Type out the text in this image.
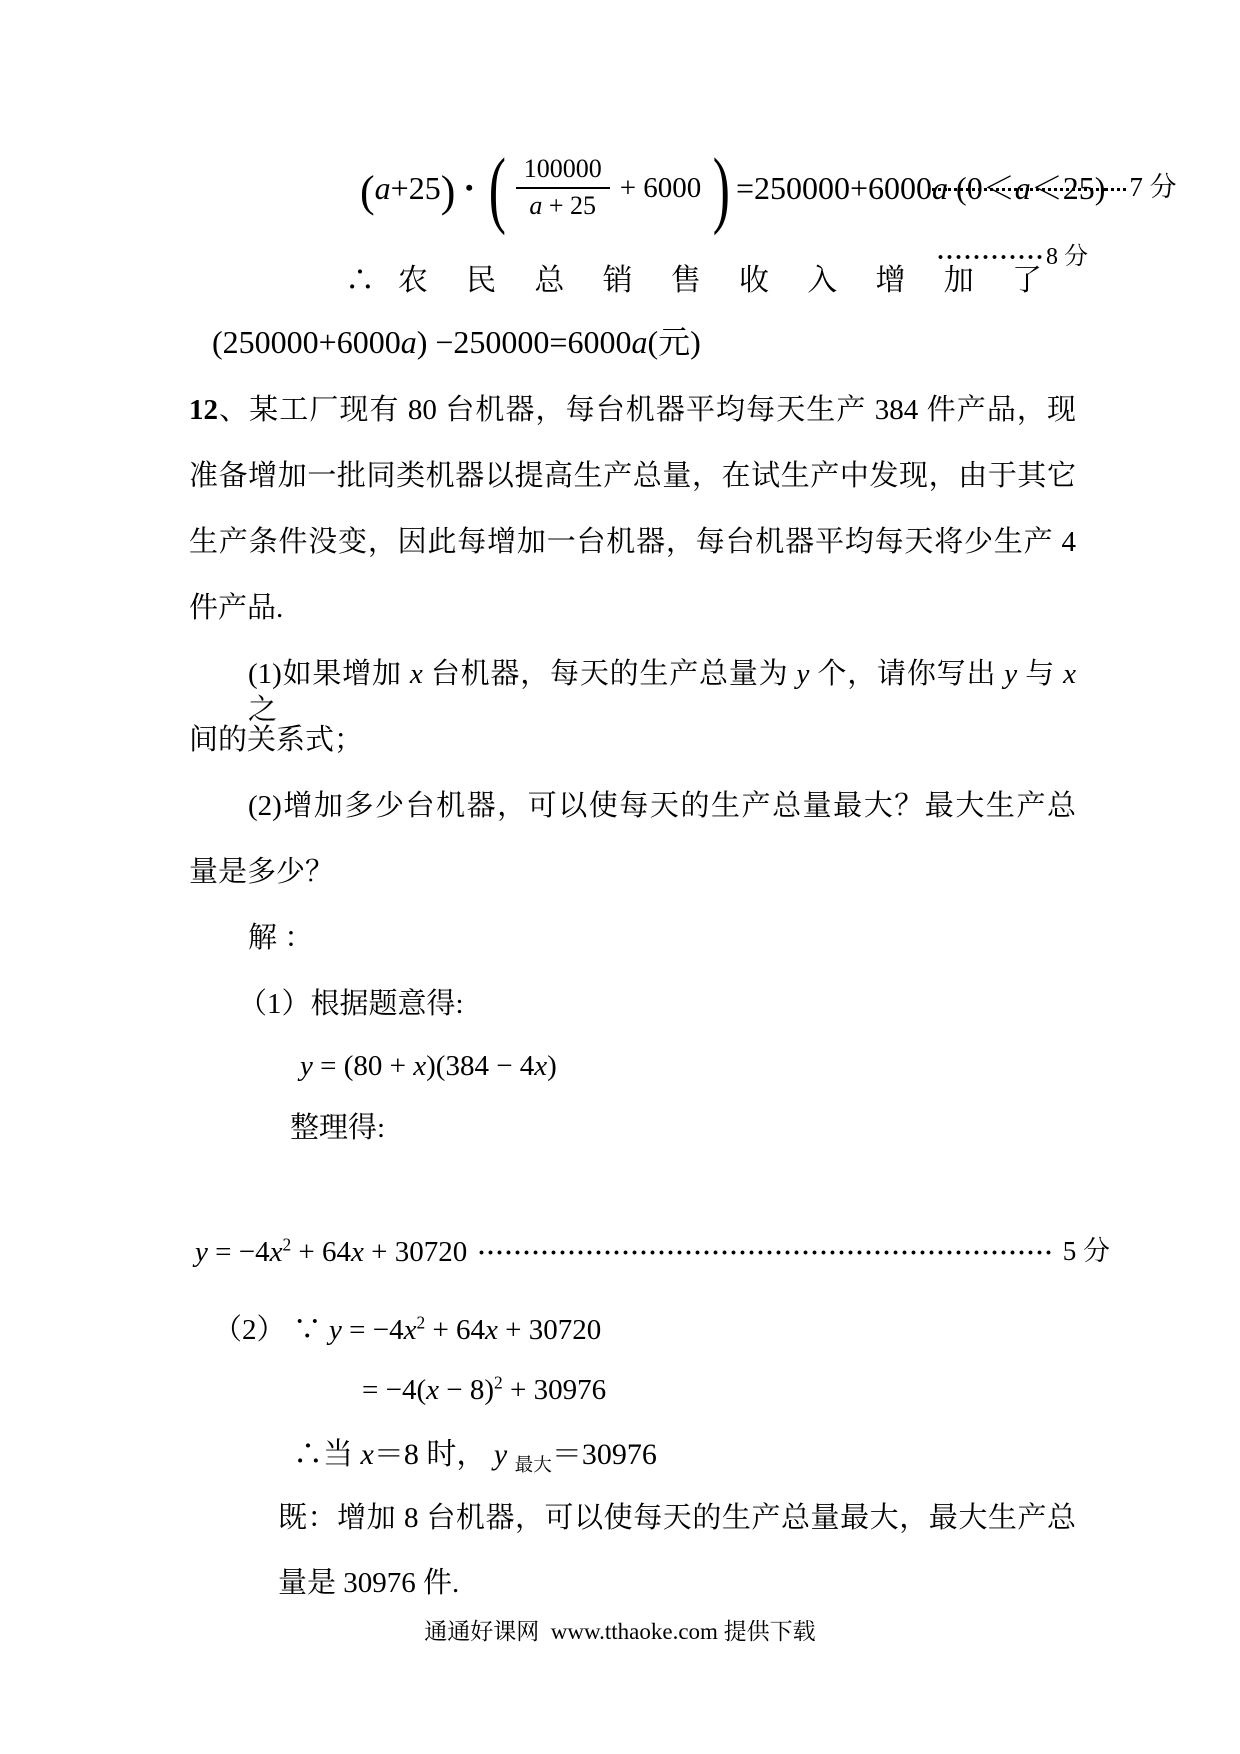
(a+25) • ( $\frac{100000}{a + 25} + 6000$ ) =250000+6000a (0＜a＜25) 7 分
∴ 农 民 总 销 售 收 入 增 加 了
8 分
(250000+6000a) −250000=6000a(元)
12、某工厂现有 80 台机器，每台机器平均每天生产 384 件产品，现
准备增加一批同类机器以提高生产总量，在试生产中发现，由于其它
生产条件没变，因此每增加一台机器，每台机器平均每天将少生产 4
件产品.
(1)如果增加 x 台机器，每天的生产总量为 y 个，请你写出 y 与 x 之
间的关系式；
(2)增加多少台机器，可以使每天的生产总量最大？最大生产总
量是多少？
解 ：
（1）根据题意得:
y = (80 + x)(384 − 4x)
整理得:
$y = -4x^2 + 64x + 30720$	5 分
（2） ∵ $y = -4x^2 + 64x + 30720$
= $-4(x - 8)^2 + 30976$
∴当 x＝8 时， y $_{最大}$＝30976
既：增加 8 台机器，可以使每天的生产总量最大，最大生产总
量是 30976 件.
通通好课网  www.tthaoke.com 提供下载
